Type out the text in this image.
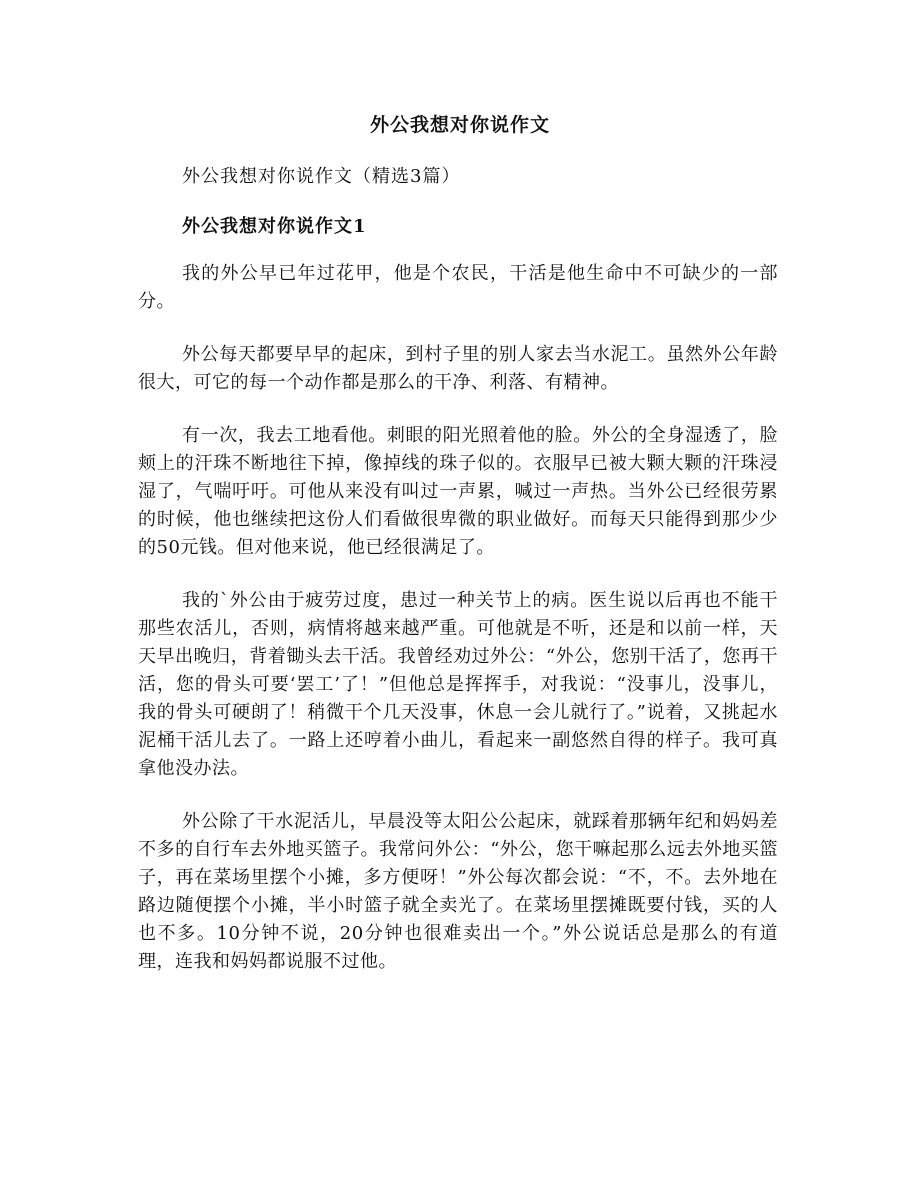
外公我想对你说作文
外公我想对你说作文（精选3篇）
外公我想对你说作文1

我的外公早已年过花甲，他是个农民，干活是他生命中不可缺少的一部分。

外公每天都要早早的起床，到村子里的别人家去当水泥工。虽然外公年龄很大，可它的每一个动作都是那么的干净、利落、有精神。

有一次，我去工地看他。刺眼的阳光照着他的脸。外公的全身湿透了，脸颊上的汗珠不断地往下掉，像掉线的珠子似的。衣服早已被大颗大颗的汗珠浸湿了，气喘吁吁。可他从来没有叫过一声累，喊过一声热。当外公已经很劳累的时候，他也继续把这份人们看做很卑微的职业做好。而每天只能得到那少少的50元钱。但对他来说，他已经很满足了。

我的`外公由于疲劳过度，患过一种关节上的病。医生说以后再也不能干那些农活儿，否则，病情将越来越严重。可他就是不听，还是和以前一样，天天早出晚归，背着锄头去干活。我曾经劝过外公：“外公，您别干活了，您再干活，您的骨头可要‘罢工’了！”但他总是挥挥手，对我说：“没事儿，没事儿，我的骨头可硬朗了！稍微干个几天没事，休息一会儿就行了。”说着，又挑起水泥桶干活儿去了。一路上还哼着小曲儿，看起来一副悠然自得的样子。我可真拿他没办法。

外公除了干水泥活儿，早晨没等太阳公公起床，就踩着那辆年纪和妈妈差不多的自行车去外地买篮子。我常问外公：“外公，您干嘛起那么远去外地买篮子，再在菜场里摆个小摊，多方便呀！”外公每次都会说：“不，不。去外地在路边随便摆个小摊，半小时篮子就全卖光了。在菜场里摆摊既要付钱，买的人也不多。10分钟不说，20分钟也很难卖出一个。”外公说话总是那么的有道理，连我和妈妈都说服不过他。
